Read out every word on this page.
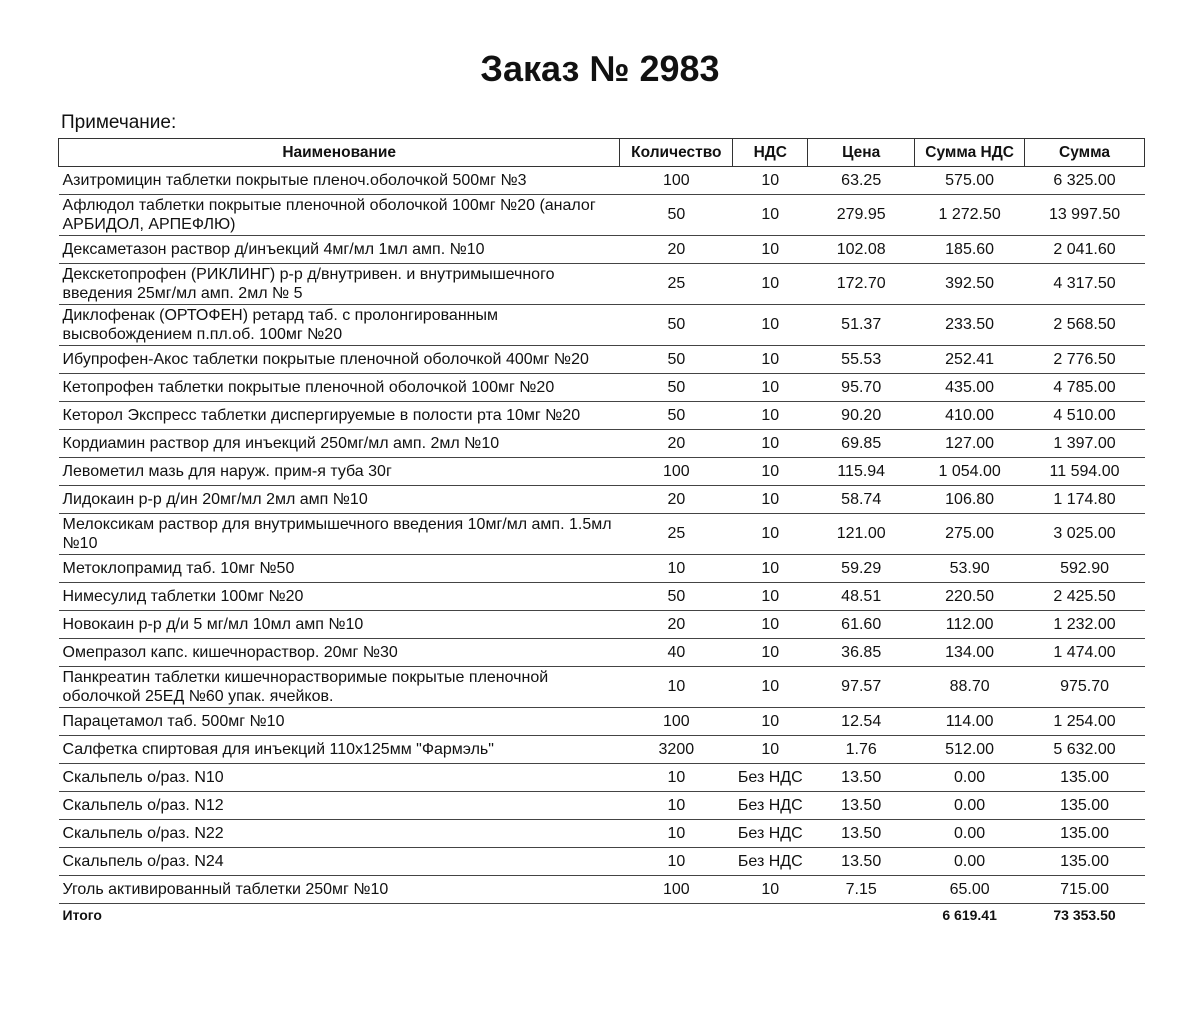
Заказ № 2983
Примечание:
Наименование	Количество	НДС	Цена	Сумма НДС	Сумма
Азитромицин таблетки покрытые пленоч.оболочкой 500мг №3	100	10	63.25	575.00	6 325.00
Афлюдол таблетки покрытые пленочной оболочкой 100мг №20 (аналог АРБИДОЛ, АРПЕФЛЮ)	50	10	279.95	1 272.50	13 997.50
Дексаметазон раствор д/инъекций 4мг/мл 1мл амп. №10	20	10	102.08	185.60	2 041.60
Декскетопрофен (РИКЛИНГ) р-р д/внутривен. и внутримышечного введения 25мг/мл амп. 2мл № 5	25	10	172.70	392.50	4 317.50
Диклофенак (ОРТОФЕН) ретард таб. с пролонгированным высвобождением п.пл.об. 100мг №20	50	10	51.37	233.50	2 568.50
Ибупрофен-Акос таблетки покрытые пленочной оболочкой 400мг №20	50	10	55.53	252.41	2 776.50
Кетопрофен таблетки покрытые пленочной оболочкой 100мг №20	50	10	95.70	435.00	4 785.00
Кеторол Экспресс таблетки диспергируемые в полости рта 10мг №20	50	10	90.20	410.00	4 510.00
Кордиамин раствор для инъекций 250мг/мл амп. 2мл №10	20	10	69.85	127.00	1 397.00
Левометил мазь для наруж. прим-я туба 30г	100	10	115.94	1 054.00	11 594.00
Лидокаин р-р д/ин 20мг/мл 2мл амп №10	20	10	58.74	106.80	1 174.80
Мелоксикам раствор для внутримышечного введения 10мг/мл амп. 1.5мл №10	25	10	121.00	275.00	3 025.00
Метоклопрамид таб. 10мг №50	10	10	59.29	53.90	592.90
Нимесулид таблетки 100мг №20	50	10	48.51	220.50	2 425.50
Новокаин р-р д/и 5 мг/мл 10мл амп №10	20	10	61.60	112.00	1 232.00
Омепразол капс. кишечнораствор. 20мг №30	40	10	36.85	134.00	1 474.00
Панкреатин таблетки кишечнорастворимые покрытые пленочной оболочкой 25ЕД №60 упак. ячейков.	10	10	97.57	88.70	975.70
Парацетамол таб. 500мг №10	100	10	12.54	114.00	1 254.00
Салфетка спиртовая для инъекций 110x125мм "Фармэль"	3200	10	1.76	512.00	5 632.00
Скальпель о/раз. N10	10	Без НДС	13.50	0.00	135.00
Скальпель о/раз. N12	10	Без НДС	13.50	0.00	135.00
Скальпель о/раз. N22	10	Без НДС	13.50	0.00	135.00
Скальпель о/раз. N24	10	Без НДС	13.50	0.00	135.00
Уголь активированный таблетки 250мг №10	100	10	7.15	65.00	715.00
Итого				6 619.41	73 353.50
